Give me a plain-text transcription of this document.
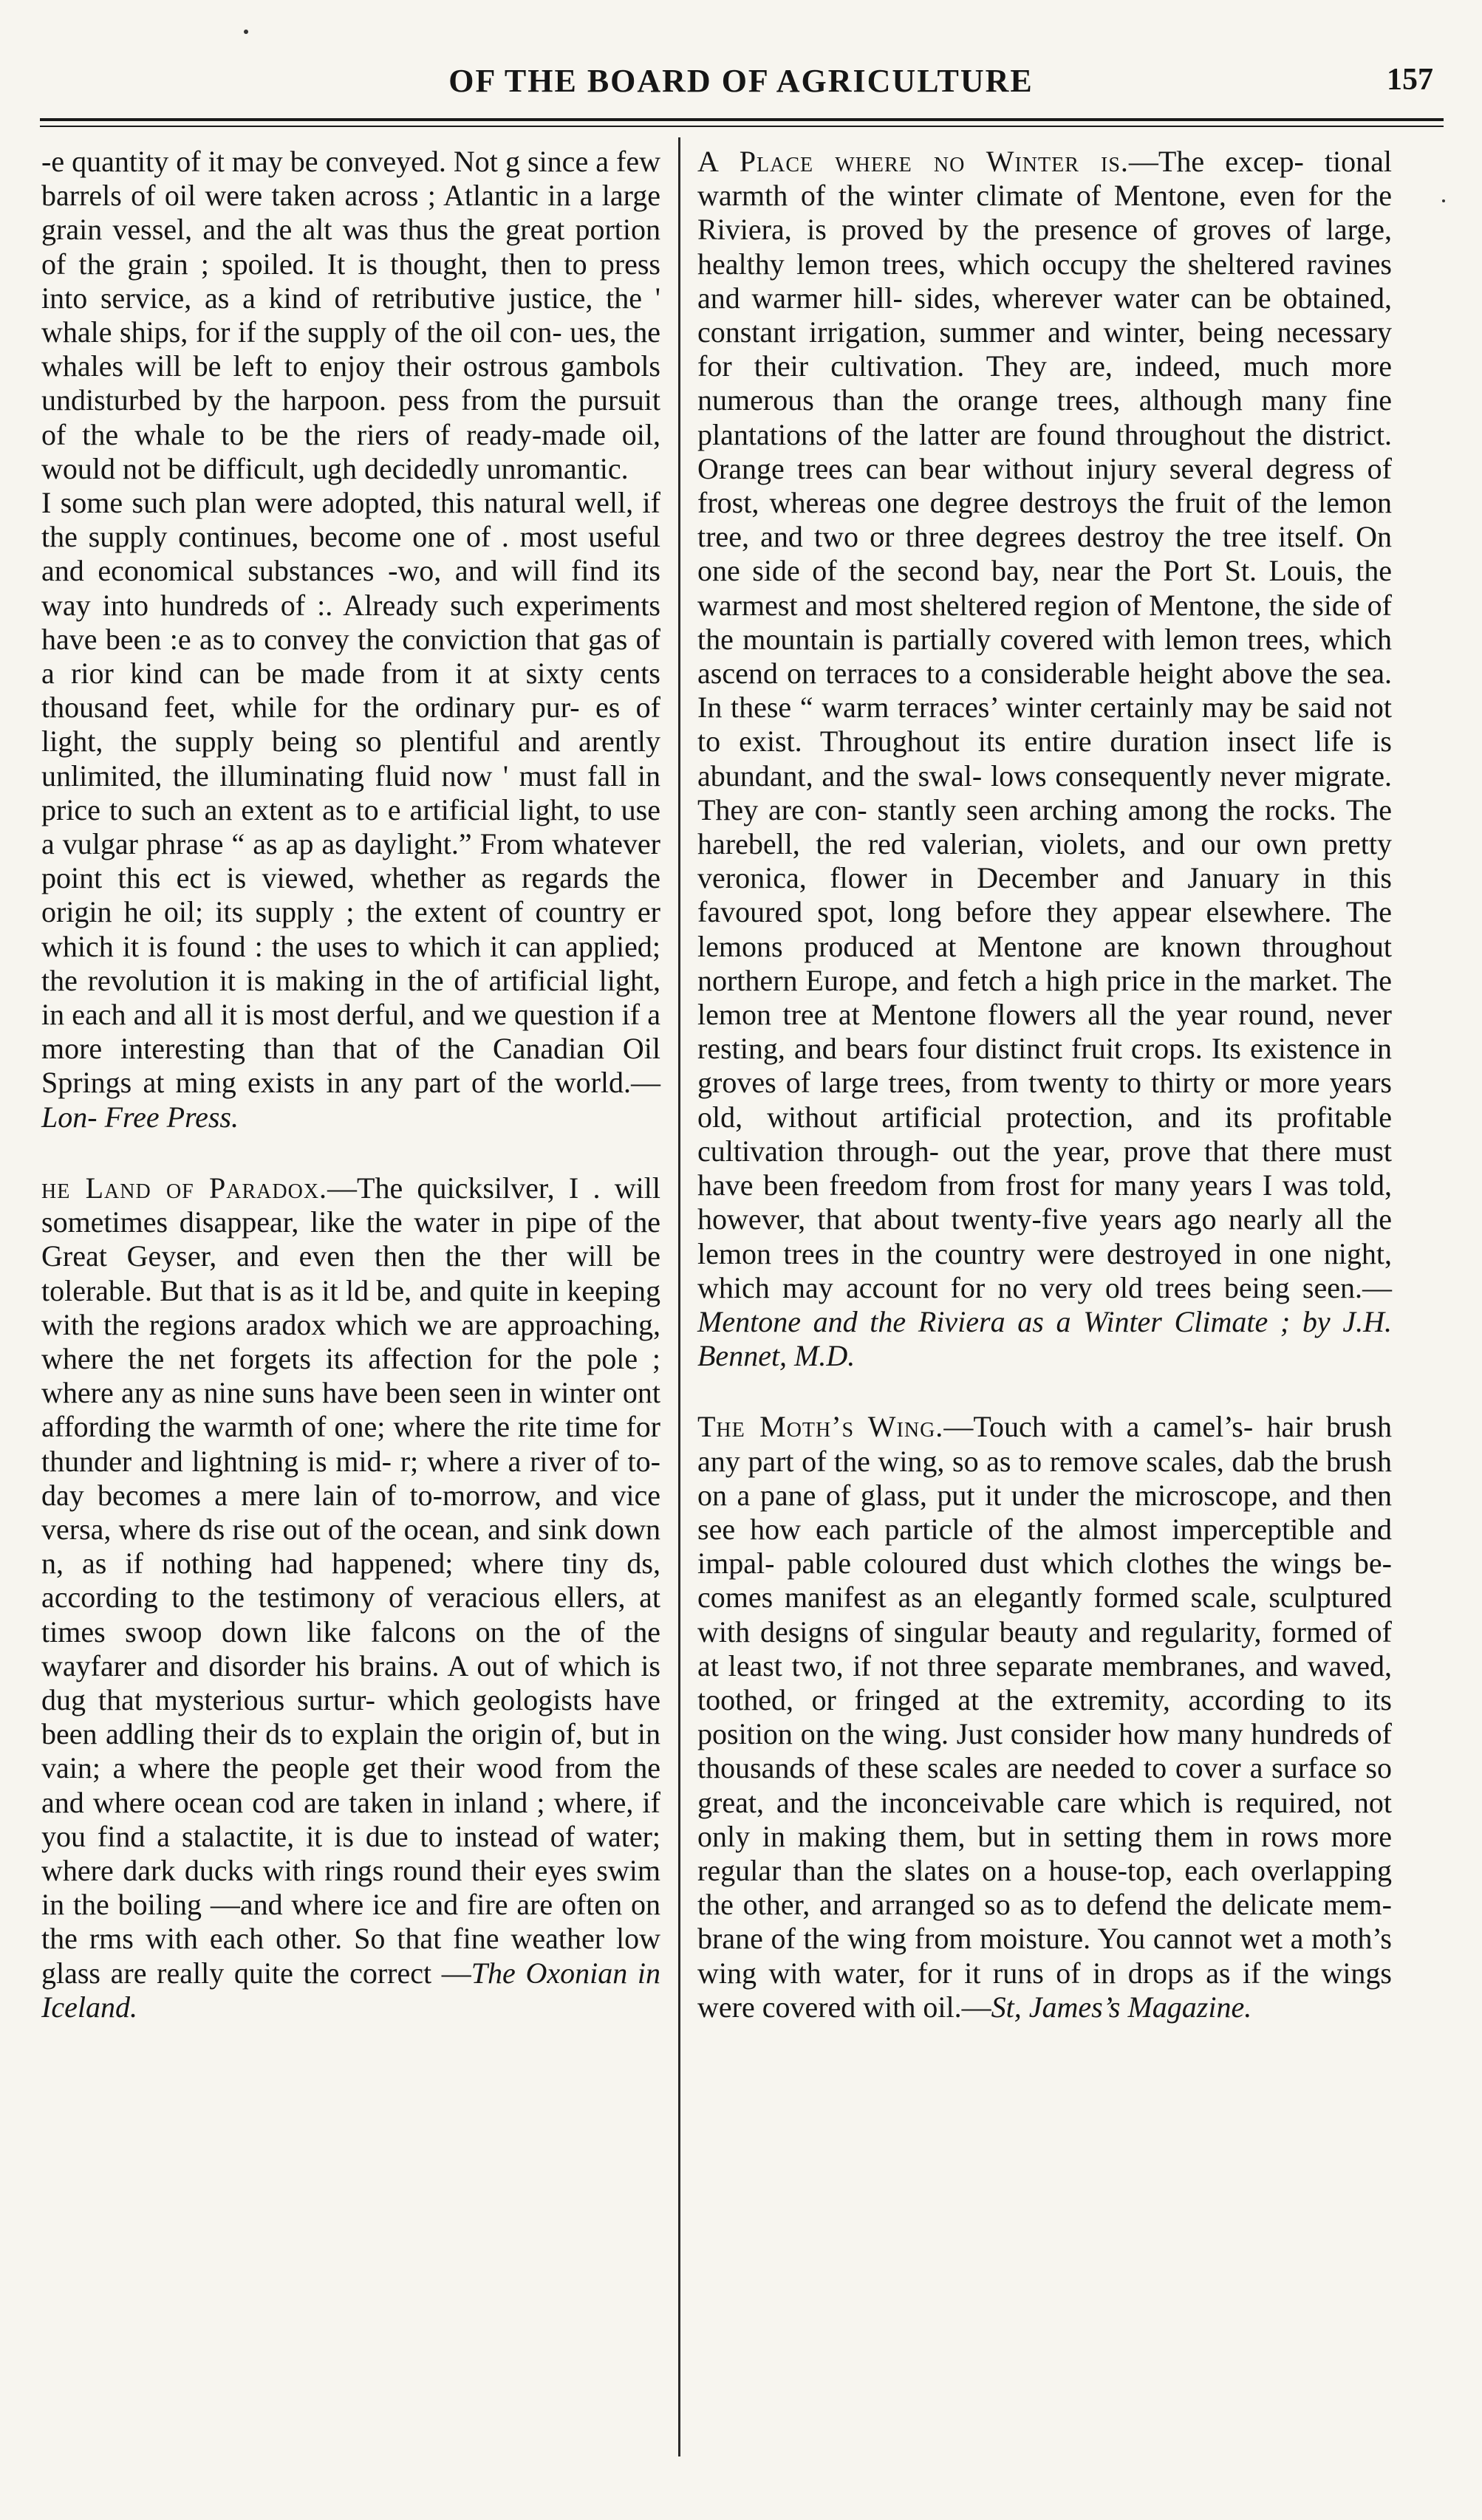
OF THE BOARD OF AGRICULTURE	157

-e quantity of it may be conveyed. Not g since a few barrels of oil were taken across ; Atlantic in a large grain vessel, and the alt was thus the great portion of the grain ; spoiled. It is thought, then to press into service, as a kind of retributive justice, the ' whale ships, for if the supply of the oil con- ues, the whales will be left to enjoy their ostrous gambols undisturbed by the harpoon. pess from the pursuit of the whale to be the riers of ready-made oil, would not be difficult, ugh decidedly unromantic.

I some such plan were adopted, this natural well, if the supply continues, become one of . most useful and economical substances -wo, and will find its way into hundreds of :. Already such experiments have been :e as to convey the conviction that gas of a rior kind can be made from it at sixty cents thousand feet, while for the ordinary pur- es of light, the supply being so plentiful and arently unlimited, the illuminating fluid now ' must fall in price to such an extent as to e artificial light, to use a vulgar phrase “ as ap as daylight.” From whatever point this ect is viewed, whether as regards the origin he oil; its supply ; the extent of country er which it is found : the uses to which it can applied; the revolution it is making in the of artificial light, in each and all it is most derful, and we question if a more interesting than that of the Canadian Oil Springs at ming exists in any part of the world.—Lon- Free Press.

he Land of Paradox.—The quicksilver, I . will sometimes disappear, like the water in pipe of the Great Geyser, and even then the ther will be tolerable. But that is as it ld be, and quite in keeping with the regions aradox which we are approaching, where the net forgets its affection for the pole ; where any as nine suns have been seen in winter ont affording the warmth of one; where the rite time for thunder and lightning is mid- r; where a river of to-day becomes a mere lain of to-morrow, and vice versa, where ds rise out of the ocean, and sink down n, as if nothing had happened; where tiny ds, according to the testimony of veracious ellers, at times swoop down like falcons on the of the wayfarer and disorder his brains. A out of which is dug that mysterious surtur- which geologists have been addling their ds to explain the origin of, but in vain; a where the people get their wood from the and where ocean cod are taken in inland ; where, if you find a stalactite, it is due to instead of water; where dark ducks with rings round their eyes swim in the boiling —and where ice and fire are often on the rms with each other. So that fine weather low glass are really quite the correct —The Oxonian in Iceland.

A Place where no Winter is.—The excep- tional warmth of the winter climate of Mentone, even for the Riviera, is proved by the presence of groves of large, healthy lemon trees, which occupy the sheltered ravines and warmer hill- sides, wherever water can be obtained, constant irrigation, summer and winter, being necessary for their cultivation. They are, indeed, much more numerous than the orange trees, although many fine plantations of the latter are found throughout the district. Orange trees can bear without injury several degress of frost, whereas one degree destroys the fruit of the lemon tree, and two or three degrees destroy the tree itself. On one side of the second bay, near the Port St. Louis, the warmest and most sheltered region of Mentone, the side of the mountain is partially covered with lemon trees, which ascend on terraces to a considerable height above the sea. In these “ warm terraces’ winter certainly may be said not to exist. Throughout its entire duration insect life is abundant, and the swal- lows consequently never migrate. They are con- stantly seen arching among the rocks. The harebell, the red valerian, violets, and our own pretty veronica, flower in December and January in this favoured spot, long before they appear elsewhere. The lemons produced at Mentone are known throughout northern Europe, and fetch a high price in the market. The lemon tree at Mentone flowers all the year round, never resting, and bears four distinct fruit crops. Its existence in groves of large trees, from twenty to thirty or more years old, without artificial protection, and its profitable cultivation through- out the year, prove that there must have been freedom from frost for many years I was told, however, that about twenty-five years ago nearly all the lemon trees in the country were destroyed in one night, which may account for no very old trees being seen.—Mentone and the Riviera as a Winter Climate ; by J.H. Bennet, M.D.

The Moth’s Wing.—Touch with a camel’s- hair brush any part of the wing, so as to remove scales, dab the brush on a pane of glass, put it under the microscope, and then see how each particle of the almost imperceptible and impal- pable coloured dust which clothes the wings be- comes manifest as an elegantly formed scale, sculptured with designs of singular beauty and regularity, formed of at least two, if not three separate membranes, and waved, toothed, or fringed at the extremity, according to its position on the wing. Just consider how many hundreds of thousands of these scales are needed to cover a surface so great, and the inconceivable care which is required, not only in making them, but in setting them in rows more regular than the slates on a house-top, each overlapping the other, and arranged so as to defend the delicate mem- brane of the wing from moisture. You cannot wet a moth’s wing with water, for it runs of in drops as if the wings were covered with oil.—St, James’s Magazine.
